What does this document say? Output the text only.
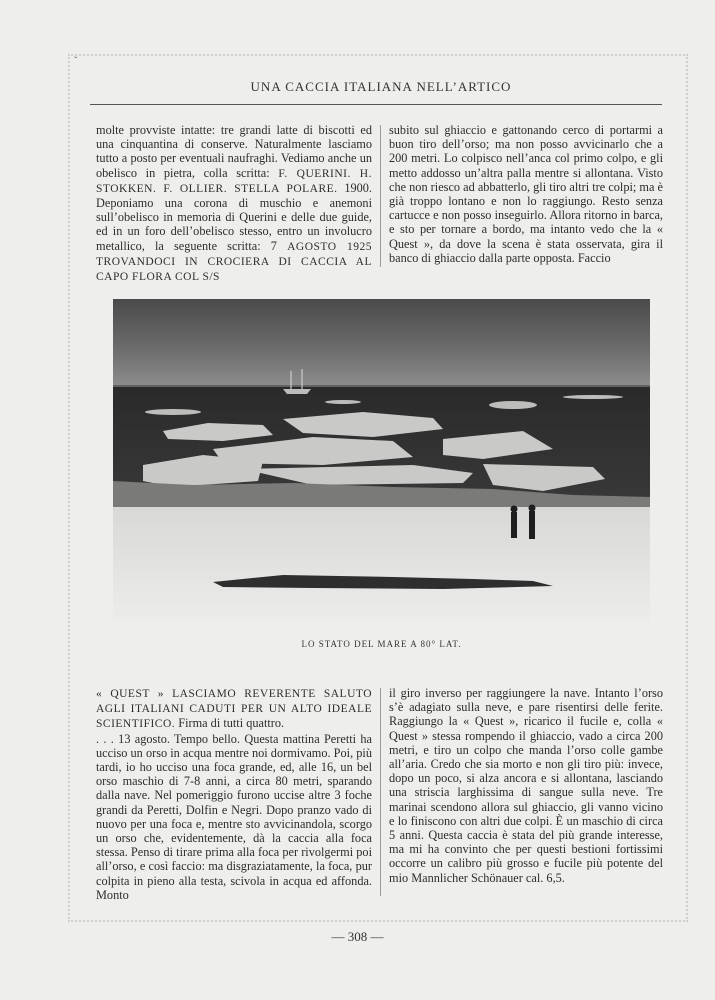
ˇ
UNA CACCIA ITALIANA NELL’ARTICO
molte provviste intatte: tre grandi latte di biscotti ed una cinquantina di conserve. Naturalmente lasciamo tutto a posto per eventuali naufraghi. Vediamo anche un obelisco in pietra, colla scritta: F. QUERINI. H. STOKKEN. F. OLLIER. STELLA POLARE. 1900. Deponiamo una corona di muschio e anemoni sull’obelisco in memoria di Querini e delle due guide, ed in un foro dell’obelisco stesso, entro un involucro metallico, la seguente scritta: 7 AGOSTO 1925 TROVANDOCI IN CROCIERA DI CACCIA AL CAPO FLORA COL S/S
subito sul ghiaccio e gattonando cerco di portarmi a buon tiro dell’orso; ma non posso avvicinarlo che a 200 metri. Lo colpisco nell’anca col primo colpo, e gli metto addosso un’altra palla mentre si allontana. Visto che non riesco ad abbatterlo, gli tiro altri tre colpi; ma è già troppo lontano e non lo raggiungo. Resto senza cartucce e non posso inseguirlo. Allora ritorno in barca, e sto per tornare a bordo, ma intanto vedo che la « Quest », da dove la scena è stata osservata, gira il banco di ghiaccio dalla parte opposta. Faccio
LO STATO DEL MARE A 80° LAT.
« QUEST » LASCIAMO REVERENTE SALUTO AGLI ITALIANI CADUTI PER UN ALTO IDEALE SCIENTIFICO. Firma di tutti quattro.
. . . 13 agosto. Tempo bello. Questa mattina Peretti ha ucciso un orso in acqua mentre noi dormivamo. Poi, più tardi, io ho ucciso una foca grande, ed, alle 16, un bel orso maschio di 7-8 anni, a circa 80 metri, sparando dalla nave. Nel pomeriggio furono uccise altre 3 foche grandi da Peretti, Dolfin e Negri. Dopo pranzo vado di nuovo per una foca e, mentre sto avvicinandola, scorgo un orso che, evidentemente, dà la caccia alla foca stessa. Penso di tirare prima alla foca per rivolgermi poi all’orso, e così faccio: ma disgraziatamente, la foca, pur colpita in pieno alla testa, scivola in acqua ed affonda. Monto
il giro inverso per raggiungere la nave. Intanto l’orso s’è adagiato sulla neve, e pare risentirsi delle ferite. Raggiungo la « Quest », ricarico il fucile e, colla « Quest » stessa rompendo il ghiaccio, vado a circa 200 metri, e tiro un colpo che manda l’orso colle gambe all’aria. Credo che sia morto e non gli tiro più: invece, dopo un poco, si alza ancora e si allontana, lasciando una striscia larghissima di sangue sulla neve. Tre marinai scendono allora sul ghiaccio, gli vanno vicino e lo finiscono con altri due colpi. È un maschio di circa 5 anni. Questa caccia è stata del più grande interesse, ma mi ha convinto che per questi bestioni fortissimi occorre un calibro più grosso e fucile più potente del mio Mannlicher Schönauer cal. 6,5.
— 308 —
